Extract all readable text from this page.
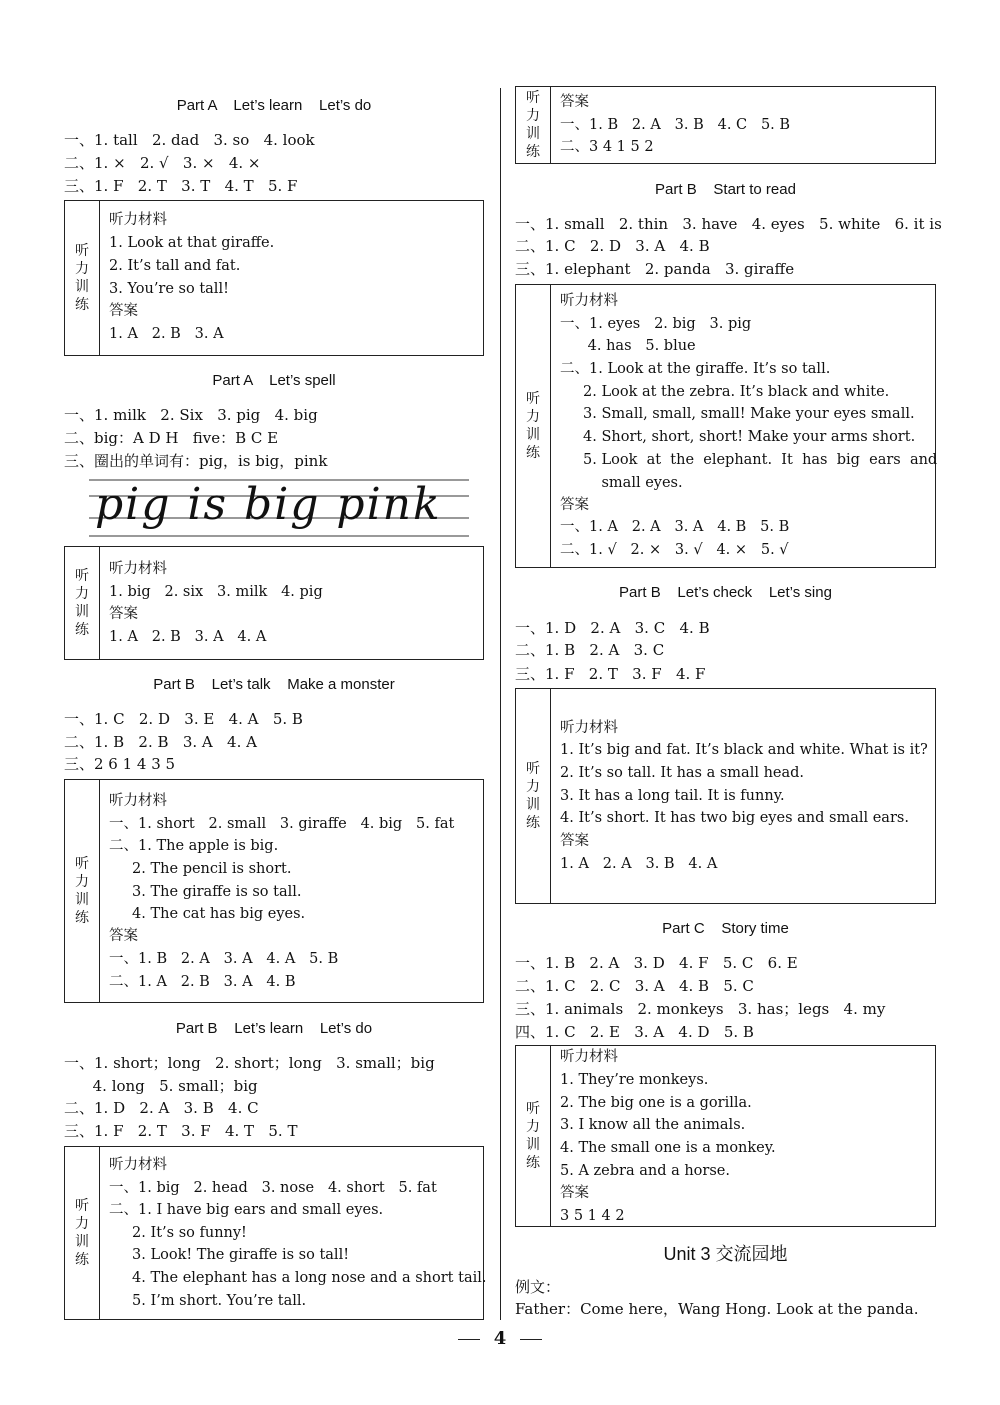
Part A    Let’s learn    Let’s do
一、1. tall   2. dad   3. so   4. look
二、1. ×   2. √   3. ×   4. ×
三、1. F   2. T   3. T   4. T   5. F
听力训练
听力材料
1. Look at that giraffe.
2. It’s tall and fat.
3. You’re so tall!
答案
1. A   2. B   3. A
Part A    Let’s spell
一、1. milk   2. Six   3. pig   4. big
二、big：A D H   five：B C E
三、圈出的单词有：pig，is big，pink
pig is big pink
听力训练
听力材料
1. big   2. six   3. milk   4. pig
答案
1. A   2. B   3. A   4. A
Part B    Let’s talk    Make a monster
一、1. C   2. D   3. E   4. A   5. B
二、1. B   2. B   3. A   4. A
三、2 6 1 4 3 5
听力训练
听力材料
一、1. short   2. small   3. giraffe   4. big   5. fat
二、1. The apple is big.
2. The pencil is short.
3. The giraffe is so tall.
4. The cat has big eyes.
答案
一、1. B   2. A   3. A   4. A   5. B
二、1. A   2. B   3. A   4. B
Part B    Let’s learn    Let’s do
一、1. short；long   2. short；long   3. small；big
4. long   5. small；big
二、1. D   2. A   3. B   4. C
三、1. F   2. T   3. F   4. T   5. T
听力训练
听力材料
一、1. big   2. head   3. nose   4. short   5. fat
二、1. I have big ears and small eyes.
2. It’s so funny!
3. Look! The giraffe is so tall!
4. The elephant has a long nose and a short tail.
5. I’m short. You’re tall.
听力训练
答案
一、1. B   2. A   3. B   4. C   5. B
二、3 4 1 5 2
Part B    Start to read
一、1. small   2. thin   3. have   4. eyes   5. white   6. it is
二、1. C   2. D   3. A   4. B
三、1. elephant   2. panda   3. giraffe
听力训练
听力材料
一、1. eyes   2. big   3. pig
4. has   5. blue
二、1. Look at the giraffe. It’s so tall.
2. Look at the zebra. It’s black and white.
3. Small, small, small! Make your eyes small.
4. Short, short, short! Make your arms short.
5. Look  at  the  elephant.  It  has  big  ears  and
small eyes.
答案
一、1. A   2. A   3. A   4. B   5. B
二、1. √   2. ×   3. √   4. ×   5. √
Part B    Let’s check    Let’s sing
一、1. D   2. A   3. C   4. B
二、1. B   2. A   3. C
三、1. F   2. T   3. F   4. F
听力训练
听力材料
1. It’s big and fat. It’s black and white. What is it?
2. It’s so tall. It has a small head.
3. It has a long tail. It is funny.
4. It’s short. It has two big eyes and small ears.
答案
1. A   2. A   3. B   4. A
Part C    Story time
一、1. B   2. A   3. D   4. F   5. C   6. E
二、1. C   2. C   3. A   4. B   5. C
三、1. animals   2. monkeys   3. has；legs   4. my
四、1. C   2. E   3. A   4. D   5. B
听力训练
听力材料
1. They’re monkeys.
2. The big one is a gorilla.
3. I know all the animals.
4. The small one is a monkey.
5. A zebra and a horse.
答案
3 5 1 4 2
Unit 3 交流园地
例文：
Father：Come here，Wang Hong. Look at the panda.
4
